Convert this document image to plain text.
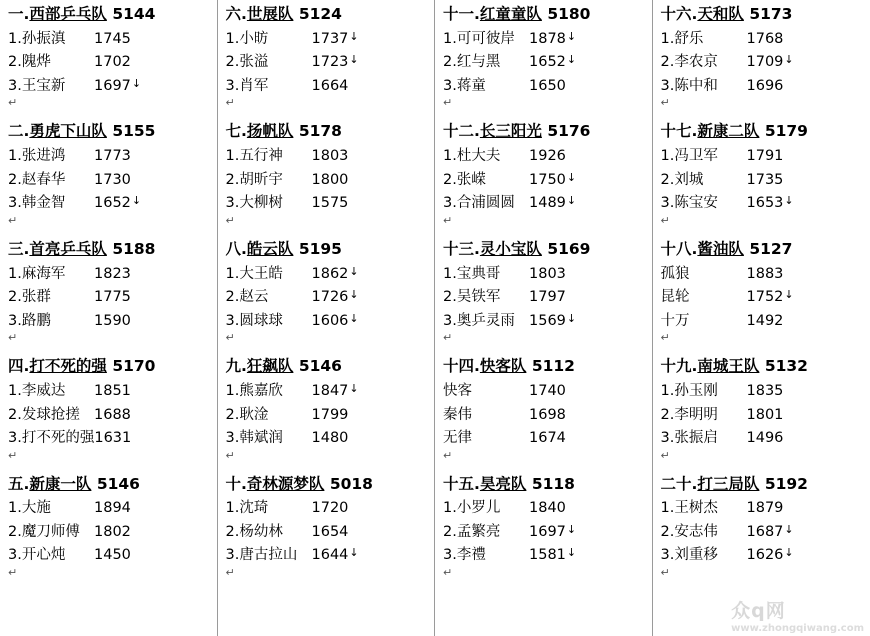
一.西部乒乓队 5144
1.孙振滇	1745
2.隗烨	1702
3.王宝新	1697 ↓
↵
二.勇虎下山队 5155
1.张进鸿	1773
2.赵春华	1730
3.韩金智	1652 ↓
↵
三.首亮乒乓队 5188
1.麻海军	1823
2.张群	1775
3.路鹏	1590
↵
四.打不死的强 5170
1.李威达	1851
2.发球抢搓 1688
3.打不死的强 1631
↵
五.新康一队 5146
1.大施	1894
2.魔刀师傅 1802
3.开心炖	1450
↵
六.世展队 5124
1.小昉	1737 ↓
2.张溢	1723 ↓
3.肖军	1664
↵
七.扬帆队 5178
1.五行神	1803
2.胡昕宇	1800
3.大柳树	1575
↵
八.皓云队 5195
1.大王皓	1862 ↓
2.赵云	1726 ↓
3.圆球球	1606 ↓
↵
九.狂飙队 5146
1.熊嘉欣	1847 ↓
2.耿淦	1799
3.韩斌润	1480
↵
十.奇林源梦队 5018
1.沈琦	1720
2.杨幼林	1654
3.唐古拉山 1644 ↓
↵
十一.红童童队 5180
1.可可彼岸 1878 ↓
2.红与黑	1652 ↓
3.蒋童	1650
↵
十二.长三阳光 5176
1.杜大夫	1926
2.张嵘	1750 ↓
3.合浦圆圆 1489 ↓
↵
十三.灵小宝队 5169
1.宝典哥	1803
2.吴铁军	1797
3.奥乒灵雨 1569 ↓
↵
十四.快客队 5112
快客	1740
秦伟	1698
无律	1674
↵
十五.昊亮队 5118
1.小罗儿	1840
2.孟繁亮	1697 ↓
3.李禮	1581 ↓
↵
十六.天和队 5173
1.舒乐	1768
2.李农京	1709 ↓
3.陈中和	1696
↵
十七.新康二队 5179
1.冯卫军	1791
2.刘城	1735
3.陈宝安	1653 ↓
↵
十八.酱油队 5127
孤狼	1883
昆轮	1752 ↓
十万	1492
↵
十九.南城王队 5132
1.孙玉刚	1835
2.李明明	1801
3.张振启	1496
↵
二十.打三局队 5192
1.王树杰	1879
2.安志伟	1687 ↓
3.刘重移	1626 ↓
↵
众q网
www.zhongqiwang.com
